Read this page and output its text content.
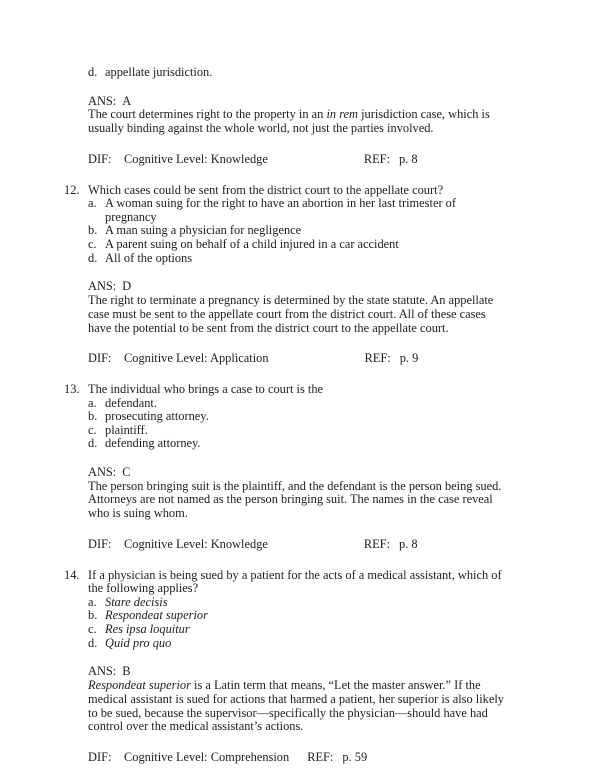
d. appellate jurisdiction.
ANS: A
The court determines right to the property in an in rem jurisdiction case, which is usually binding against the whole world, not just the parties involved.
DIF:	Cognitive Level: Knowledge	REF: p. 8
12. Which cases could be sent from the district court to the appellate court?
a. A woman suing for the right to have an abortion in her last trimester of pregnancy
b. A man suing a physician for negligence
c. A parent suing on behalf of a child injured in a car accident
d. All of the options
ANS: D
The right to terminate a pregnancy is determined by the state statute. An appellate case must be sent to the appellate court from the district court. All of these cases have the potential to be sent from the district court to the appellate court.
DIF:	Cognitive Level: Application	REF: p. 9
13. The individual who brings a case to court is the
a. defendant.
b. prosecuting attorney.
c. plaintiff.
d. defending attorney.
ANS: C
The person bringing suit is the plaintiff, and the defendant is the person being sued. Attorneys are not named as the person bringing suit. The names in the case reveal who is suing whom.
DIF:	Cognitive Level: Knowledge	REF: p. 8
14. If a physician is being sued by a patient for the acts of a medical assistant, which of the following applies?
a. Stare decisis
b. Respondeat superior
c. Res ipsa loquitur
d. Quid pro quo
ANS: B
Respondeat superior is a Latin term that means, “Let the master answer.” If the medical assistant is sued for actions that harmed a patient, her superior is also likely to be sued, because the supervisor—specifically the physician—should have had control over the medical assistant’s actions.
DIF:	Cognitive Level: Comprehension	REF: p. 59
